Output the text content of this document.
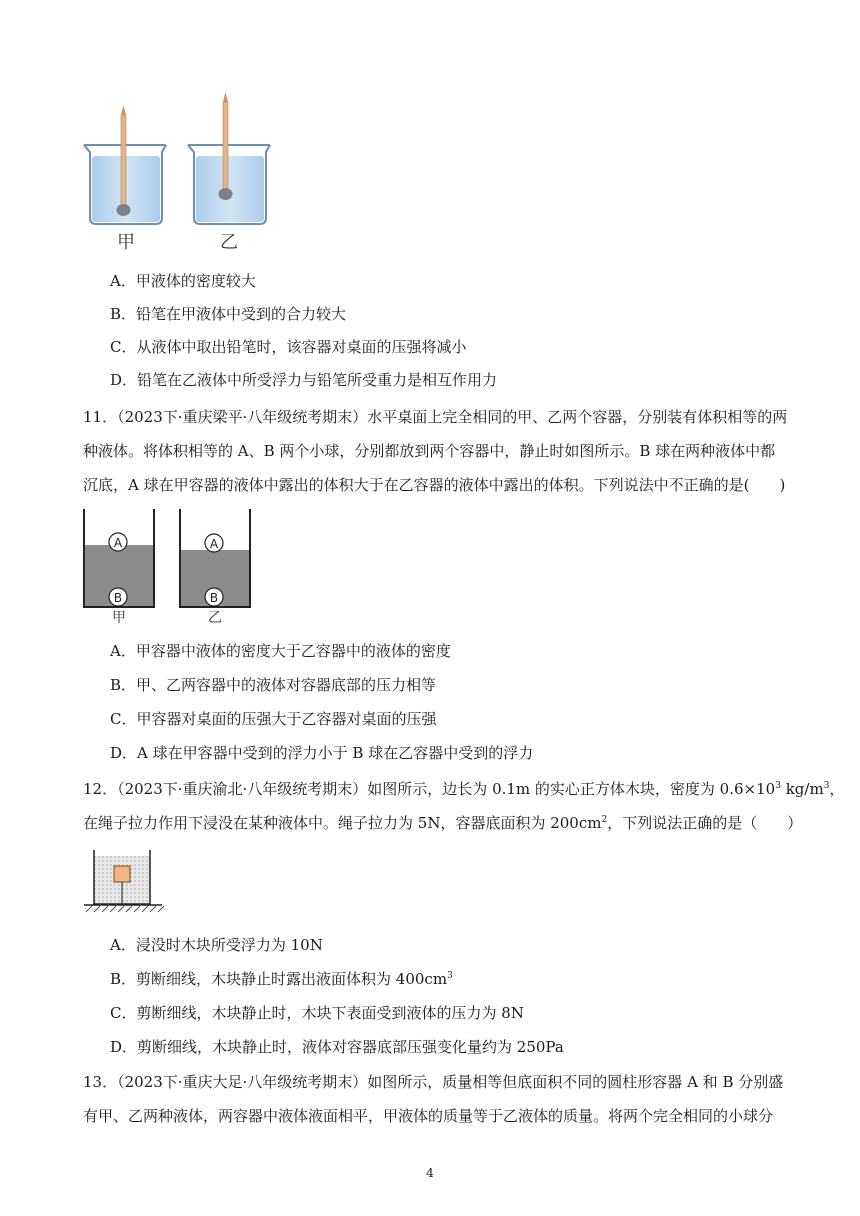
甲	乙
A．甲液体的密度较大
B．铅笔在甲液体中受到的合力较大
C．从液体中取出铅笔时，该容器对桌面的压强将减小
D．铅笔在乙液体中所受浮力与铅笔所受重力是相互作用力
11．（2023下·重庆梁平·八年级统考期末）水平桌面上完全相同的甲、乙两个容器，分别装有体积相等的两
种液体。将体积相等的 A、B 两个小球，分别都放到两个容器中，静止时如图所示。B 球在两种液体中都
沉底，A 球在甲容器的液体中露出的体积大于在乙容器的液体中露出的体积。下列说法中不正确的是(　　)
A
B
甲
A
B
乙
A．甲容器中液体的密度大于乙容器中的液体的密度
B．甲、乙两容器中的液体对容器底部的压力相等
C．甲容器对桌面的压强大于乙容器对桌面的压强
D．A 球在甲容器中受到的浮力小于 B 球在乙容器中受到的浮力
12．（2023下·重庆渝北·八年级统考期末）如图所示，边长为 0.1m 的实心正方体木块，密度为 $0.6\times 10^3$ $kg/m^3$，
在绳子拉力作用下浸没在某种液体中。绳子拉力为 5N，容器底面积为 $200cm^2$，下列说法正确的是（　　）
A．浸没时木块所受浮力为 10N
B．剪断细线，木块静止时露出液面体积为 $400cm^3$
C．剪断细线，木块静止时，木块下表面受到液体的压力为 8N
D．剪断细线，木块静止时，液体对容器底部压强变化量约为 250Pa
13．（2023下·重庆大足·八年级统考期末）如图所示，质量相等但底面积不同的圆柱形容器 A 和 B 分别盛
有甲、乙两种液体，两容器中液体液面相平，甲液体的质量等于乙液体的质量。将两个完全相同的小球分
4
